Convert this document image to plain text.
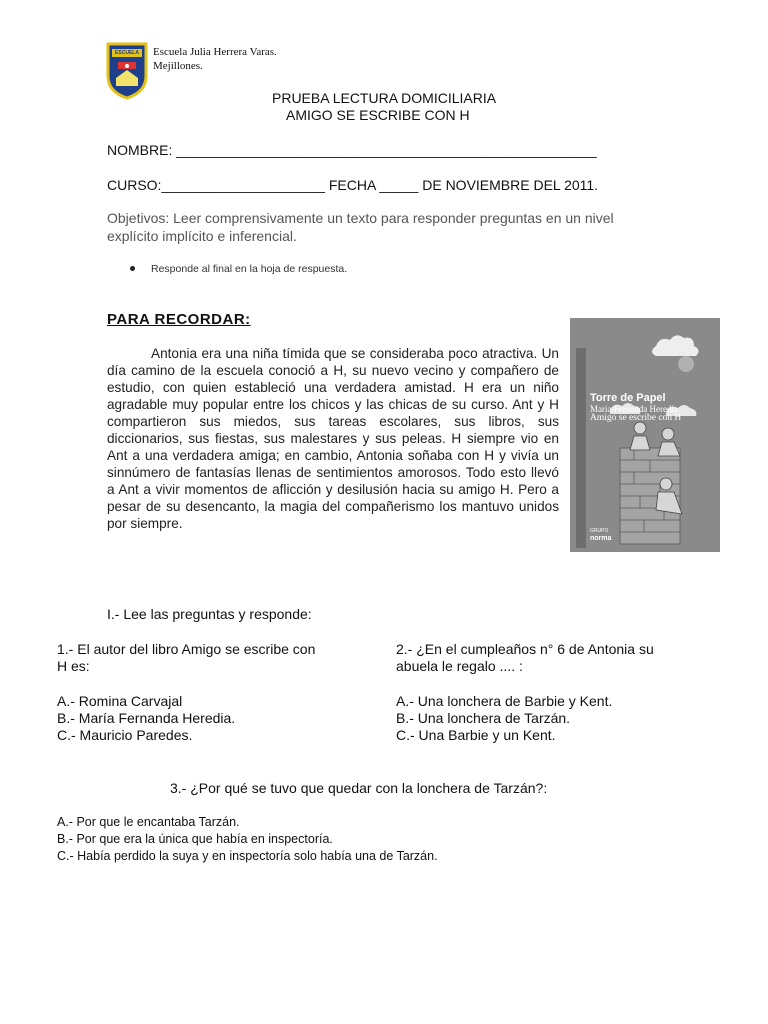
ESCUELA Escuela Julia Herrera Varas.
Mejillones.
PRUEBA LECTURA DOMICILIARIA
AMIGO SE ESCRIBE CON H
NOMBRE: ______________________________________________________
CURSO:_____________________ FECHA _____ DE NOVIEMBRE DEL 2011.
Objetivos: Leer comprensivamente un texto para responder preguntas en un nivel explícito implícito e inferencial.
Responde al final en la hoja de respuesta.
PARA RECORDAR:
Antonia era una niña tímida que se consideraba poco atractiva. Un día camino de la escuela conoció a H, su nuevo vecino y compañero de estudio, con quien estableció una verdadera amistad. H era un niño agradable muy popular entre los chicos y las chicas de su curso. Ant y H compartieron sus miedos, sus tareas escolares, sus libros, sus diccionarios, sus fiestas, sus malestares y sus peleas. H siempre vio en Ant a una verdadera amiga; en cambio, Antonia soñaba con H y vivía un sinnúmero de fantasías llenas de sentimientos amorosos. Todo esto llevó a Ant a vivir momentos de aflicción y desilusión hacia su amigo H. Pero a pesar de su desencanto, la magia del compañerismo los mantuvo unidos por siempre.
Torre de Papel
María Fernanda Heredia
Amigo se escribe con H
GRUPO
norma
I.- Lee las preguntas y responde:
1.- El autor del libro Amigo se escribe con
H es:
A.- Romina Carvajal
B.- María Fernanda Heredia.
C.- Mauricio Paredes.
2.- ¿En el cumpleaños n° 6 de Antonia su
abuela le regalo .... :
A.- Una lonchera de Barbie y Kent.
B.- Una lonchera de Tarzán.
C.- Una Barbie y un Kent.
3.- ¿Por qué se tuvo que quedar con la lonchera de Tarzán?:
A.- Por que le encantaba Tarzán.
B.- Por que era la única que había en inspectoría.
C.- Había perdido la suya y en inspectoría solo había una de Tarzán.
